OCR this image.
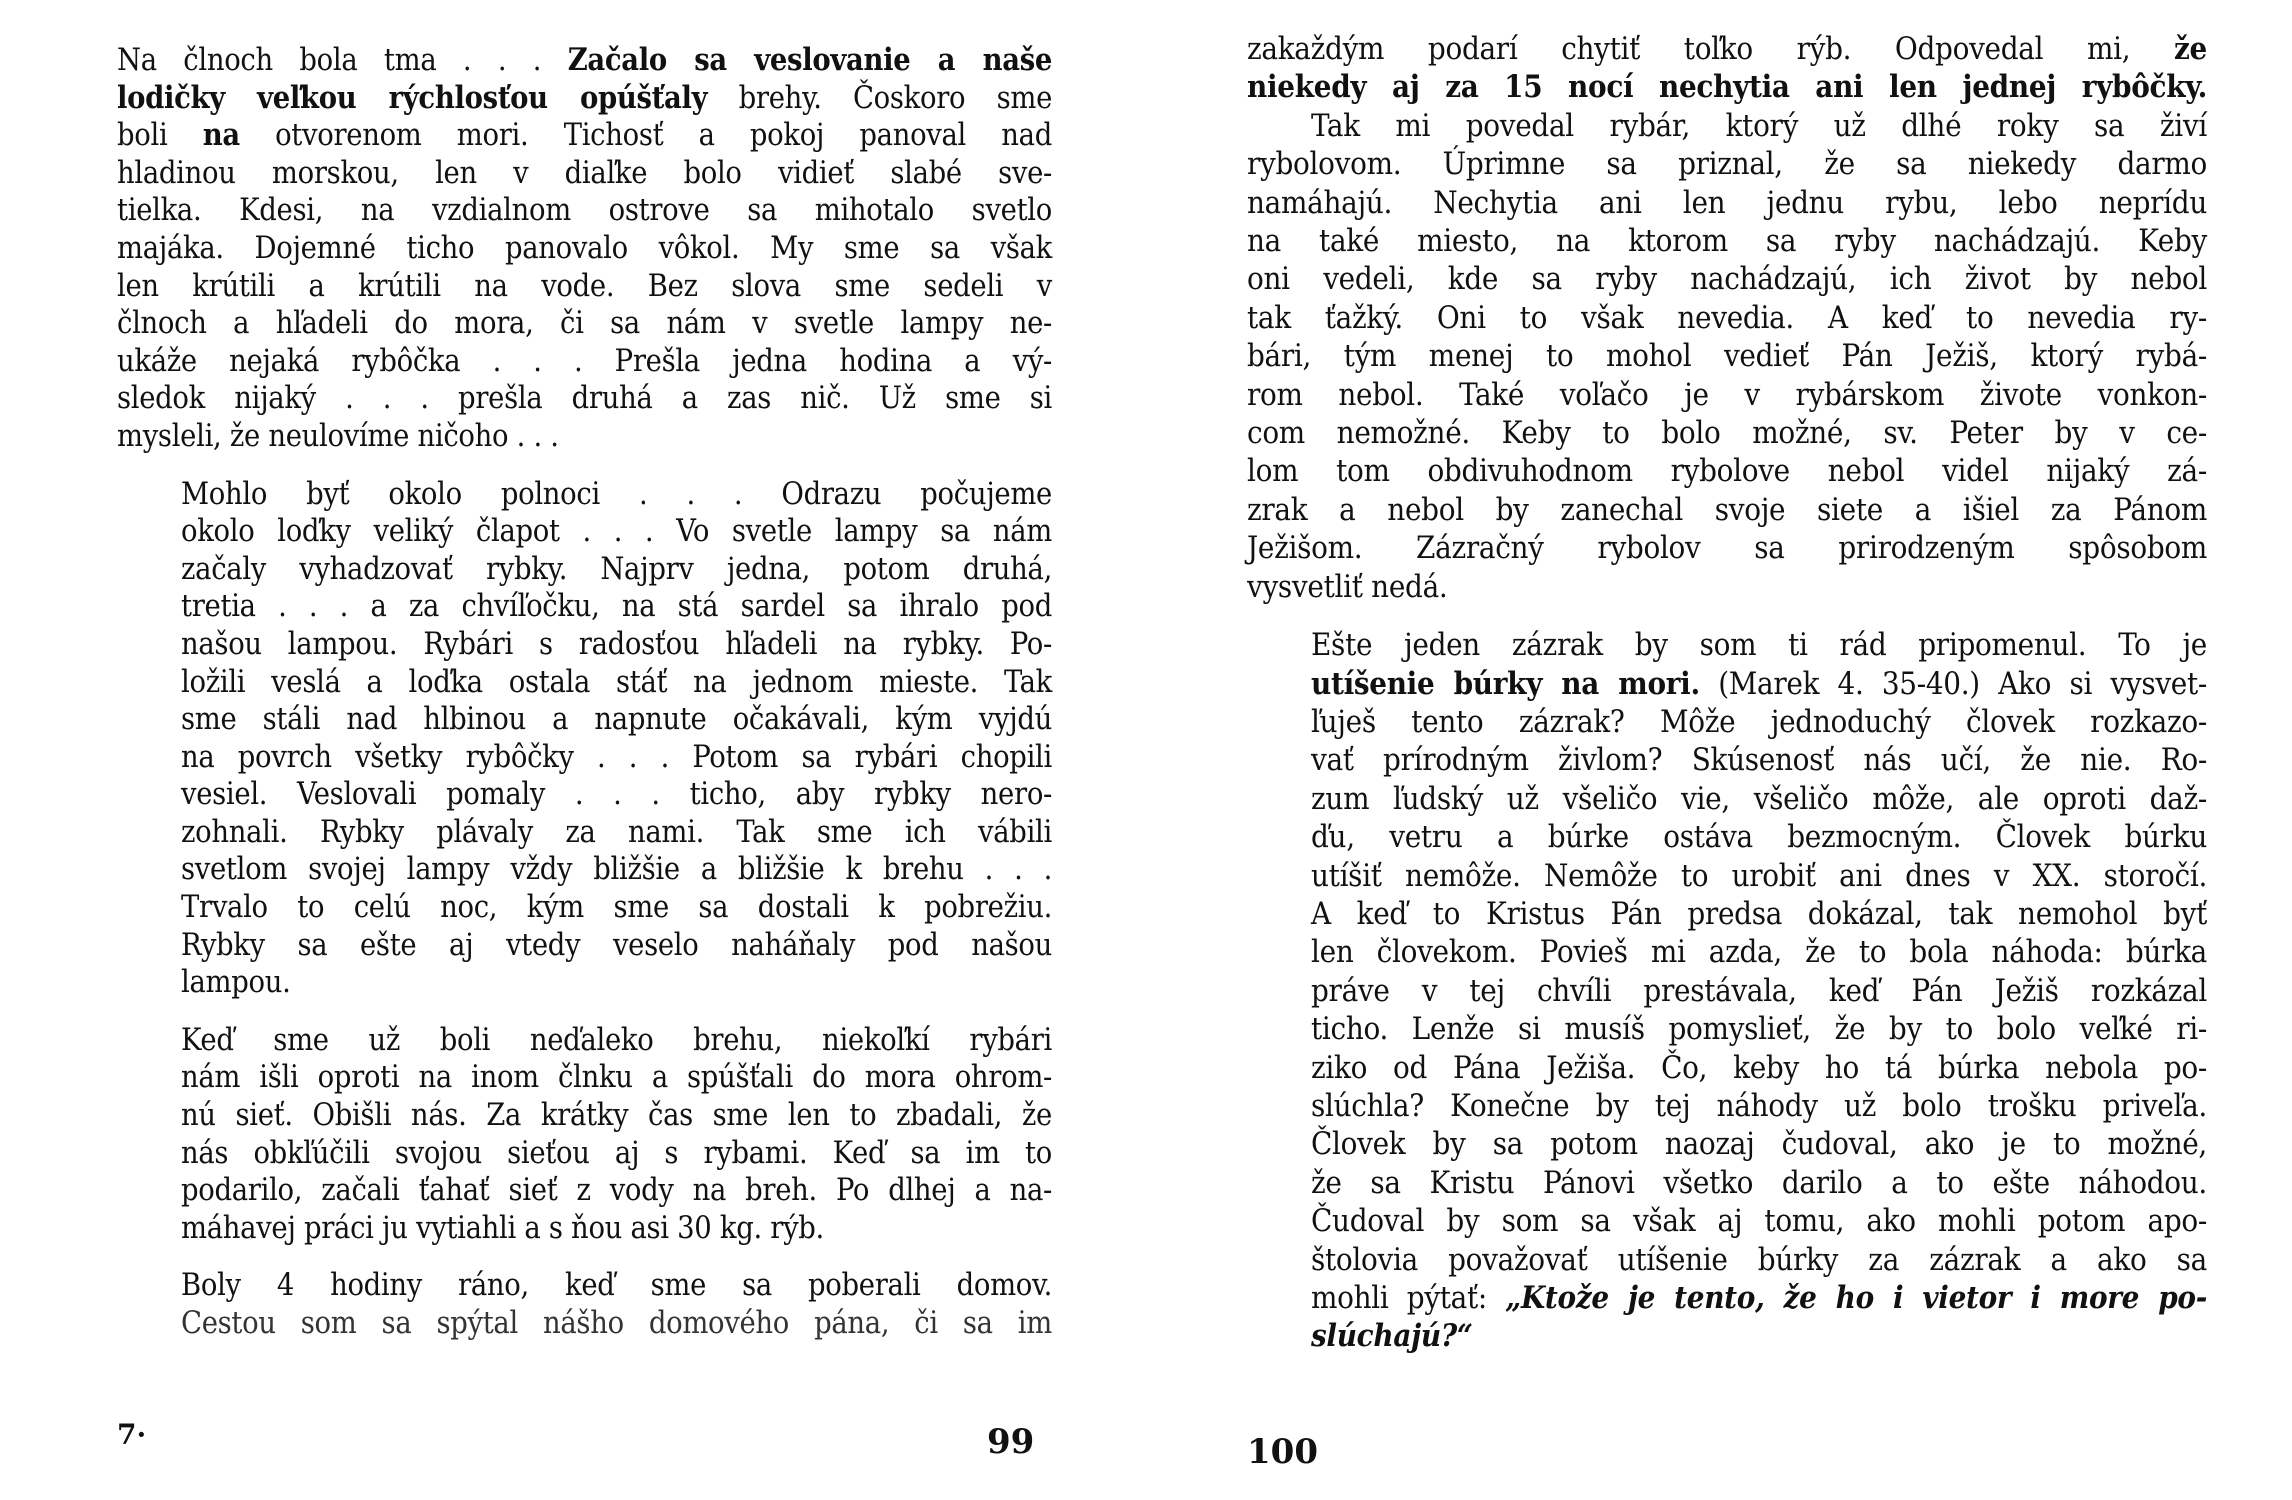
Na člnoch bola tma . . . Začalo sa veslovanie a naše
lodičky veľkou rýchlosťou opúšťaly brehy. Čoskoro sme
boli na otvorenom mori. Tichosť a pokoj panoval nad
hladinou morskou, len v diaľke bolo vidieť slabé sve-
tielka. Kdesi, na vzdialnom ostrove sa mihotalo svetlo
majáka. Dojemné ticho panovalo vôkol. My sme sa však
len krútili a krútili na vode. Bez slova sme sedeli v
člnoch a hľadeli do mora, či sa nám v svetle lampy ne-
ukáže nejaká rybôčka . . . Prešla jedna hodina a vý-
sledok nijaký . . . prešla druhá a zas nič. Už sme si
mysleli, že neulovíme ničoho . . .

Mohlo byť okolo polnoci . . . Odrazu počujeme
okolo loďky veliký člapot . . . Vo svetle lampy sa nám
začaly vyhadzovať rybky. Najprv jedna, potom druhá,
tretia . . . a za chvíľočku, na stá sardel sa ihralo pod
našou lampou. Rybári s radosťou hľadeli na rybky. Po-
ložili veslá a loďka ostala stáť na jednom mieste. Tak
sme stáli nad hlbinou a napnute očakávali, kým vyjdú
na povrch všetky rybôčky . . . Potom sa rybári chopili
vesiel. Veslovali pomaly . . . ticho, aby rybky nero-
zohnali. Rybky plávaly za nami. Tak sme ich vábili
svetlom svojej lampy vždy bližšie a bližšie k brehu . . .
Trvalo to celú noc, kým sme sa dostali k pobrežiu.
Rybky sa ešte aj vtedy veselo naháňaly pod našou
lampou.

Keď sme už boli neďaleko brehu, niekoľkí rybári
nám išli oproti na inom člnku a spúšťali do mora ohrom-
nú sieť. Obišli nás. Za krátky čas sme len to zbadali, že
nás obkľúčili svojou sieťou aj s rybami. Keď sa im to
podarilo, začali ťahať sieť z vody na breh. Po dlhej a na-
máhavej práci ju vytiahli a s ňou asi 30 kg. rýb.

Boly 4 hodiny ráno, keď sme sa poberali domov.
Cestou som sa spýtal nášho domového pána, či sa im

7·	99

zakaždým podarí chytiť toľko rýb. Odpovedal mi, že
niekedy aj za 15 nocí nechytia ani len jednej rybôčky.
Tak mi povedal rybár, ktorý už dlhé roky sa živí
rybolovom. Úprimne sa priznal, že sa niekedy darmo
namáhajú. Nechytia ani len jednu rybu, lebo neprídu
na také miesto, na ktorom sa ryby nachádzajú. Keby
oni vedeli, kde sa ryby nachádzajú, ich život by nebol
tak ťažký. Oni to však nevedia. A keď to nevedia ry-
bári, tým menej to mohol vedieť Pán Ježiš, ktorý rybá-
rom nebol. Také voľačo je v rybárskom živote vonkon-
com nemožné. Keby to bolo možné, sv. Peter by v ce-
lom tom obdivuhodnom rybolove nebol videl nijaký zá-
zrak a nebol by zanechal svoje siete a išiel za Pánom
Ježišom. Zázračný rybolov sa prirodzeným spôsobom
vysvetliť nedá.

Ešte jeden zázrak by som ti rád pripomenul. To je
utíšenie búrky na mori. (Marek 4. 35-40.) Ako si vysvet-
ľuješ tento zázrak? Môže jednoduchý človek rozkazo-
vať prírodným živlom? Skúsenosť nás učí, že nie. Ro-
zum ľudský už všeličo vie, všeličo môže, ale oproti daž-
ďu, vetru a búrke ostáva bezmocným. Človek búrku
utíšiť nemôže. Nemôže to urobiť ani dnes v XX. storočí.
A keď to Kristus Pán predsa dokázal, tak nemohol byť
len človekom. Povieš mi azda, že to bola náhoda: búrka
práve v tej chvíli prestávala, keď Pán Ježiš rozkázal
ticho. Lenže si musíš pomyslieť, že by to bolo veľké ri-
ziko od Pána Ježiša. Čo, keby ho tá búrka nebola po-
slúchla? Konečne by tej náhody už bolo trošku priveľa.
Človek by sa potom naozaj čudoval, ako je to možné,
že sa Kristu Pánovi všetko darilo a to ešte náhodou.
Čudoval by som sa však aj tomu, ako mohli potom apo-
štolovia považovať utíšenie búrky za zázrak a ako sa
mohli pýtať: „Ktože je tento, že ho i vietor i more po-
slúchajú?“

100
